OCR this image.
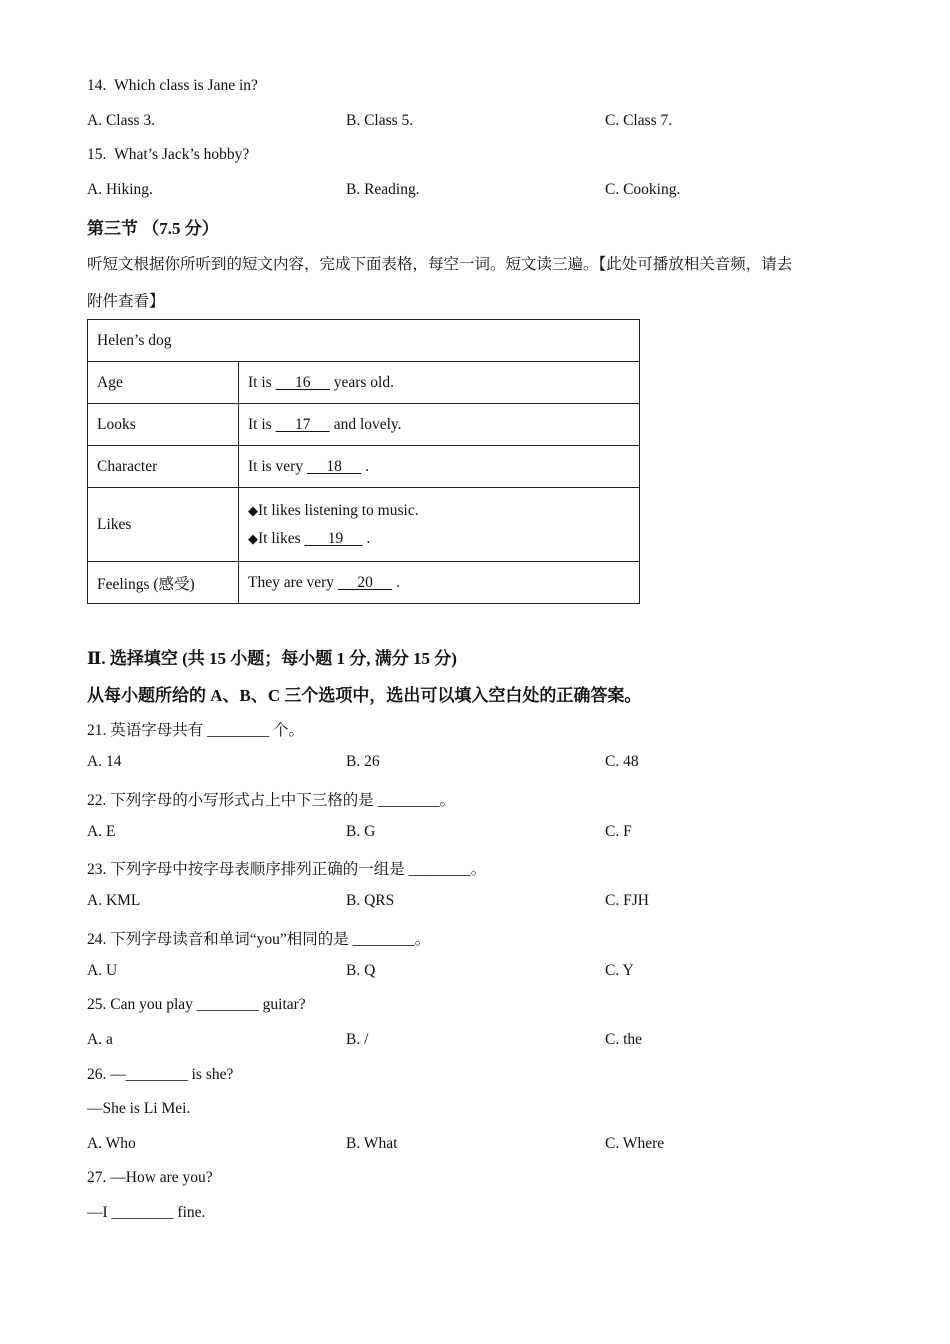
14. Which class is Jane in?
A. Class 3.	B. Class 5.	C. Class 7.
15. What’s Jack’s hobby?
A. Hiking.	B. Reading.	C. Cooking.
第三节 （7.5 分）
听短文根据你所听到的短文内容，完成下面表格，每空一词。短文读三遍。【此处可播放相关音频，请去
附件查看】
Helen’s dog	
Age	It is      16      years old.
Looks	It is      17      and lovely.
Character	It is very      18      .
Likes	◆It likes listening to music.
◆It likes       19      .

Feelings (感受)	They are very      20      .
Ⅱ. 选择填空 (共 15 小题；每小题 1 分, 满分 15 分)
从每小题所给的 A、B、C 三个选项中，选出可以填入空白处的正确答案。
21. 英语字母共有 ________ 个。
A. 14	B. 26	C. 48
22. 下列字母的小写形式占上中下三格的是 ________。
A. E	B. G	C. F
23. 下列字母中按字母表顺序排列正确的一组是 ________。
A. KML	B. QRS	C. FJH
24. 下列字母读音和单词“you”相同的是 ________。
A. U	B. Q	C. Y
25. Can you play ________ guitar?
A. a	B. /	C. the
26. —________ is she?
—She is Li Mei.
A. Who	B. What	C. Where
27. —How are you?
—I ________ fine.
